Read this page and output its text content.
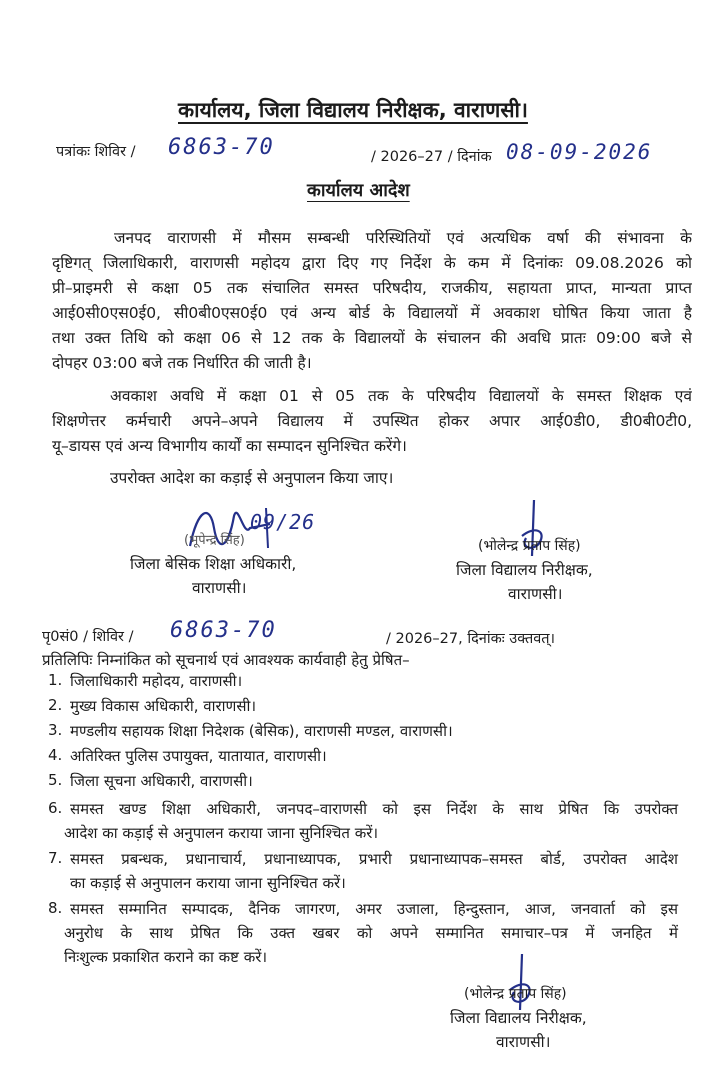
कार्यालय, जिला विद्यालय निरीक्षक, वाराणसी।
पत्रांकः शिविर / 6863-70	/ 2026–27 / दिनांक 08-09-2026
कार्यालय आदेश
जनपद वाराणसी में मौसम सम्बन्धी परिस्थितियों एवं अत्यधिक वर्षा की संभावना के
दृष्टिगत् जिलाधिकारी, वाराणसी महोदय द्वारा दिए गए निर्देश के कम में दिनांकः 09.08.2026 को
प्री–प्राइमरी से कक्षा 05 तक संचालित समस्त परिषदीय, राजकीय, सहायता प्राप्त, मान्यता प्राप्त
आई0सी0एस0ई0, सी0बी0एस0ई0 एवं अन्य बोर्ड के विद्यालयों में अवकाश घोषित किया जाता है
तथा उक्त तिथि को कक्षा 06 से 12 तक के विद्यालयों के संचालन की अवधि प्रातः 09:00 बजे से
दोपहर 03:00 बजे तक निर्धारित की जाती है।
अवकाश अवधि में कक्षा 01 से 05 तक के परिषदीय विद्यालयों के समस्त शिक्षक एवं
शिक्षणेत्तर कर्मचारी अपने–अपने विद्यालय में उपस्थित होकर अपार आई0डी0, डी0बी0टी0,
यू–डायस एवं अन्य विभागीय कार्यों का सम्पादन सुनिश्चित करेंगे।
उपरोक्त आदेश का कड़ाई से अनुपालन किया जाए।
09/26
(भूपेन्द्र सिंह)
जिला बेसिक शिक्षा अधिकारी,
वाराणसी।
(भोलेन्द्र प्रताप सिंह)
जिला विद्यालय निरीक्षक,
वाराणसी।
पृ0सं0 / शिविर / 6863-70	/ 2026–27, दिनांकः उक्तवत्।
प्रतिलिपिः निम्नांकित को सूचनार्थ एवं आवश्यक कार्यवाही हेतु प्रेषित–
1. जिलाधिकारी महोदय, वाराणसी।
2. मुख्य विकास अधिकारी, वाराणसी।
3. मण्डलीय सहायक शिक्षा निदेशक (बेसिक), वाराणसी मण्डल, वाराणसी।
4. अतिरिक्त पुलिस उपायुक्त, यातायात, वाराणसी।
5. जिला सूचना अधिकारी, वाराणसी।
6. समस्त खण्ड शिक्षा अधिकारी, जनपद–वाराणसी को इस निर्देश के साथ प्रेषित कि उपरोक्त
आदेश का कड़ाई से अनुपालन कराया जाना सुनिश्चित करें।
7. समस्त प्रबन्धक, प्रधानाचार्य, प्रधानाध्यापक, प्रभारी प्रधानाध्यापक–समस्त बोर्ड, उपरोक्त आदेश
का कड़ाई से अनुपालन कराया जाना सुनिश्चित करें।
8. समस्त सम्मानित सम्पादक, दैनिक जागरण, अमर उजाला, हिन्दुस्तान, आज, जनवार्ता को इस
अनुरोध के साथ प्रेषित कि उक्त खबर को अपने सम्मानित समाचार–पत्र में जनहित में
निःशुल्क प्रकाशित कराने का कष्ट करें।
(भोलेन्द्र प्रताप सिंह)
जिला विद्यालय निरीक्षक,
वाराणसी।
